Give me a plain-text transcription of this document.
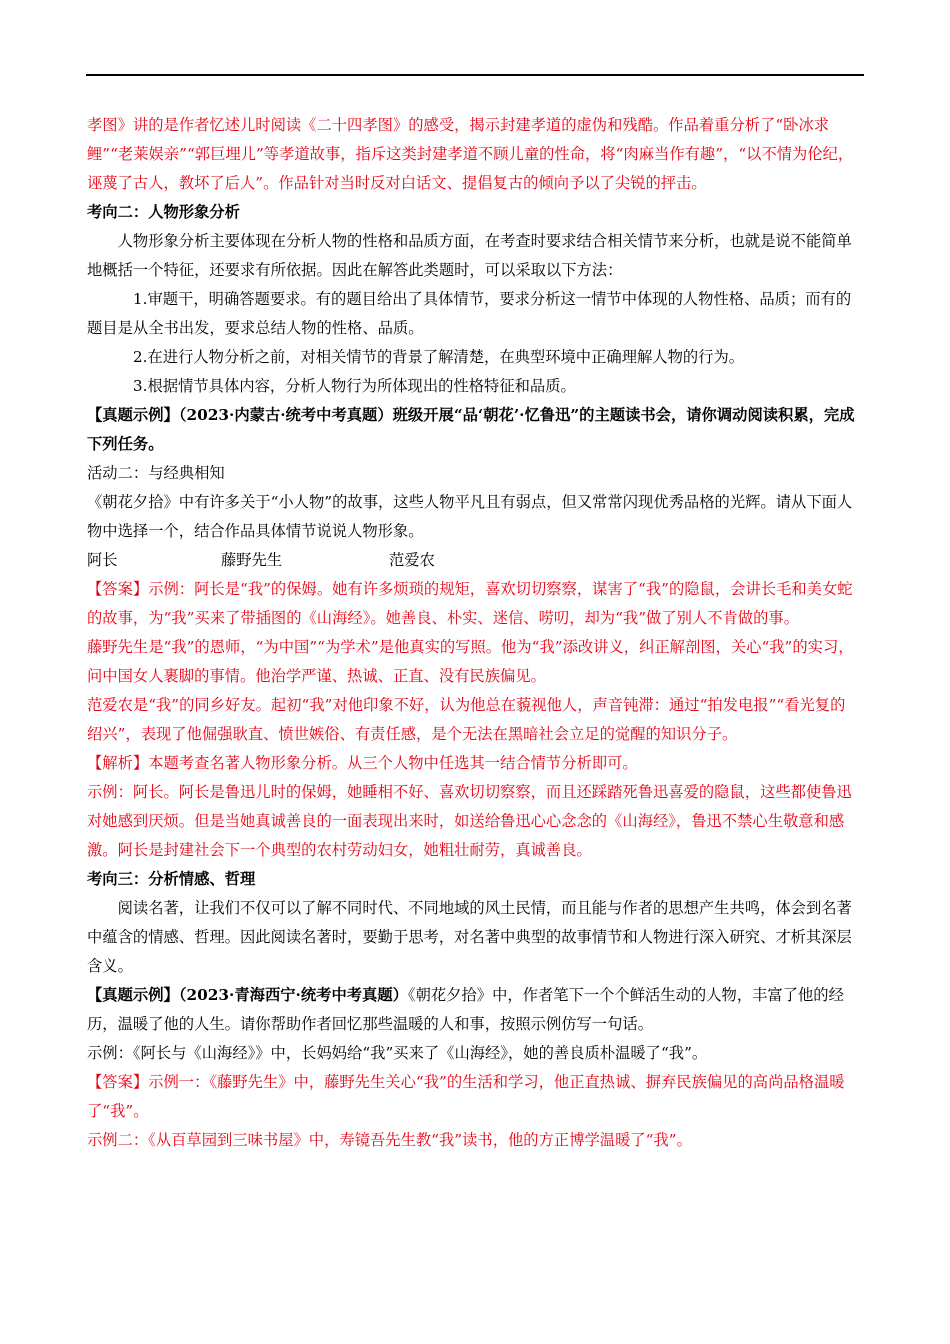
孝图》讲的是作者忆述儿时阅读《二十四孝图》的感受，揭示封建孝道的虚伪和残酷。作品着重分析了“卧冰求鲤”“老莱娱亲”“郭巨埋儿”等孝道故事，指斥这类封建孝道不顾儿童的性命，将“肉麻当作有趣”，“以不情为伦纪，诬蔑了古人，教坏了后人”。作品针对当时反对白话文、提倡复古的倾向予以了尖锐的抨击。

考向二：人物形象分析

人物形象分析主要体现在分析人物的性格和品质方面，在考查时要求结合相关情节来分析，也就是说不能简单地概括一个特征，还要求有所依据。因此在解答此类题时，可以采取以下方法：

1.审题干，明确答题要求。有的题目给出了具体情节，要求分析这一情节中体现的人物性格、品质；而有的题目是从全书出发，要求总结人物的性格、品质。

2.在进行人物分析之前，对相关情节的背景了解清楚，在典型环境中正确理解人物的行为。

3.根据情节具体内容，分析人物行为所体现出的性格特征和品质。

【真题示例】（2023·内蒙古·统考中考真题）班级开展“品‘朝花’·忆鲁迅”的主题读书会，请你调动阅读积累，完成下列任务。

活动二：与经典相知

《朝花夕拾》中有许多关于“小人物”的故事，这些人物平凡且有弱点，但又常常闪现优秀品格的光辉。请从下面人物中选择一个，结合作品具体情节说说人物形象。

阿长	藤野先生	范爱农

【答案】示例：阿长是“我”的保姆。她有许多烦琐的规矩，喜欢切切察察，谋害了“我”的隐鼠，会讲长毛和美女蛇的故事，为“我”买来了带插图的《山海经》。她善良、朴实、迷信、唠叨，却为“我”做了别人不肯做的事。

藤野先生是“我”的恩师，“为中国”“为学术”是他真实的写照。他为“我”添改讲义，纠正解剖图，关心“我”的实习，问中国女人裹脚的事情。他治学严谨、热诚、正直、没有民族偏见。

范爱农是“我”的同乡好友。起初“我”对他印象不好，认为他总在藐视他人，声音钝滞：通过“拍发电报”“看光复的绍兴”，表现了他倔强耿直、愤世嫉俗、有责任感，是个无法在黑暗社会立足的觉醒的知识分子。

【解析】本题考查名著人物形象分析。从三个人物中任选其一结合情节分析即可。

示例：阿长。阿长是鲁迅儿时的保姆，她睡相不好、喜欢切切察察，而且还踩踏死鲁迅喜爱的隐鼠，这些都使鲁迅对她感到厌烦。但是当她真诚善良的一面表现出来时，如送给鲁迅心心念念的《山海经》，鲁迅不禁心生敬意和感激。阿长是封建社会下一个典型的农村劳动妇女，她粗壮耐劳，真诚善良。

考向三：分析情感、哲理

阅读名著，让我们不仅可以了解不同时代、不同地域的风土民情，而且能与作者的思想产生共鸣，体会到名著中蕴含的情感、哲理。因此阅读名著时，要勤于思考，对名著中典型的故事情节和人物进行深入研究、才析其深层含义。

【真题示例】（2023·青海西宁·统考中考真题）《朝花夕拾》中，作者笔下一个个鲜活生动的人物，丰富了他的经历，温暖了他的人生。请你帮助作者回忆那些温暖的人和事，按照示例仿写一句话。

示例：《阿长与《山海经》》中，长妈妈给“我”买来了《山海经》，她的善良质朴温暖了“我”。

【答案】示例一：《藤野先生》中，藤野先生关心“我”的生活和学习，他正直热诚、摒弃民族偏见的高尚品格温暖了“我”。

示例二：《从百草园到三味书屋》中，寿镜吾先生教“我”读书，他的方正博学温暖了“我”。
